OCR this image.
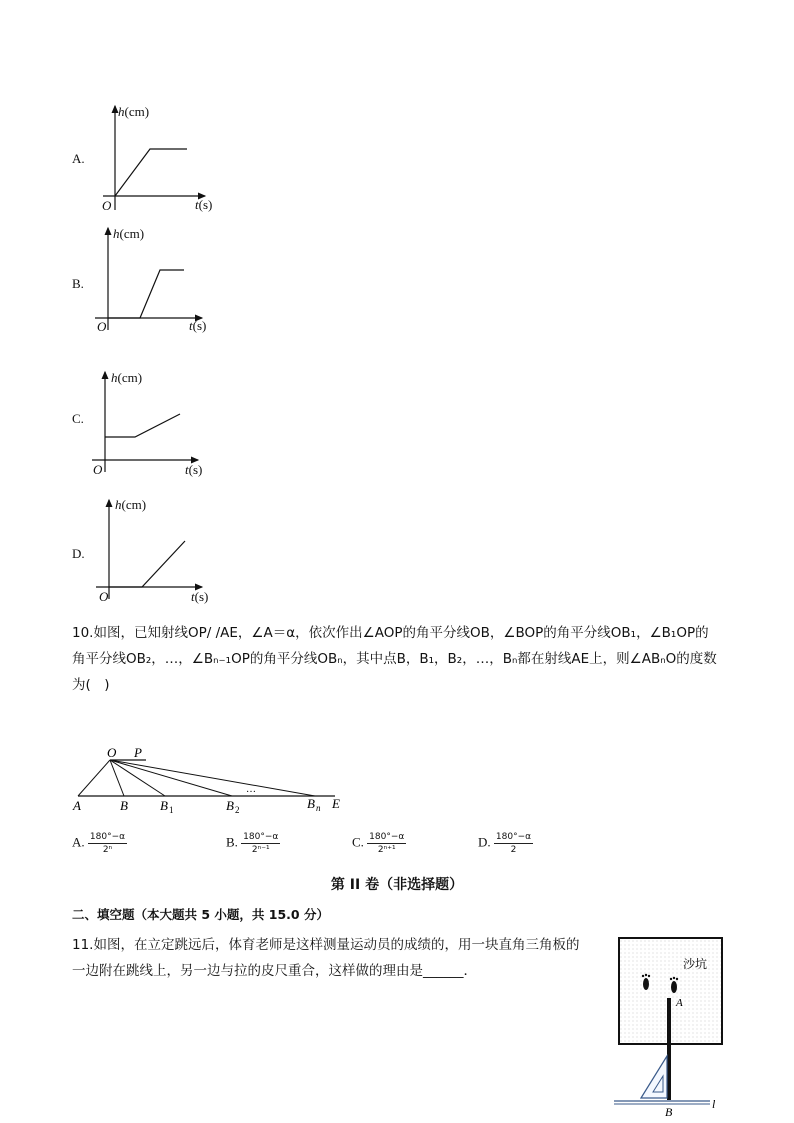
A.
h(cm)
O	t(s)
B.
h(cm)
O	t(s)
C.
h(cm)
O	t(s)
D.
h(cm)
O	t(s)
10.如图，已知射线OP/ /AE，∠A＝α，依次作出∠AOP的角平分线OB，∠BOP的角平分线OB₁，∠B₁OP的
角平分线OB₂，…，∠Bₙ₋₁OP的角平分线OBₙ，其中点B，B₁，B₂，…，Bₙ都在射线AE上，则∠ABₙO的度数
为(　)
O P
A	B B 1	B 2	B n E
…
A. $\frac{180^\circ-\alpha}{\text{2ⁿ}}$	B. $\frac{180^\circ-\alpha}{\text{2ⁿ⁻¹}}$	C. $\frac{180^\circ-\alpha}{\text{2ⁿ⁺¹}}$	D. $\frac{180^\circ-\alpha}{2}$
第 II 卷（非选择题）
二、填空题（本大题共 5 小题，共 15.0 分）
11.如图，在立定跳远后，体育老师是这样测量运动员的成绩的，用一块直角三角板的
一边附在跳线上，另一边与拉的皮尺重合，这样做的理由是______．	沙坑
A
B
l
